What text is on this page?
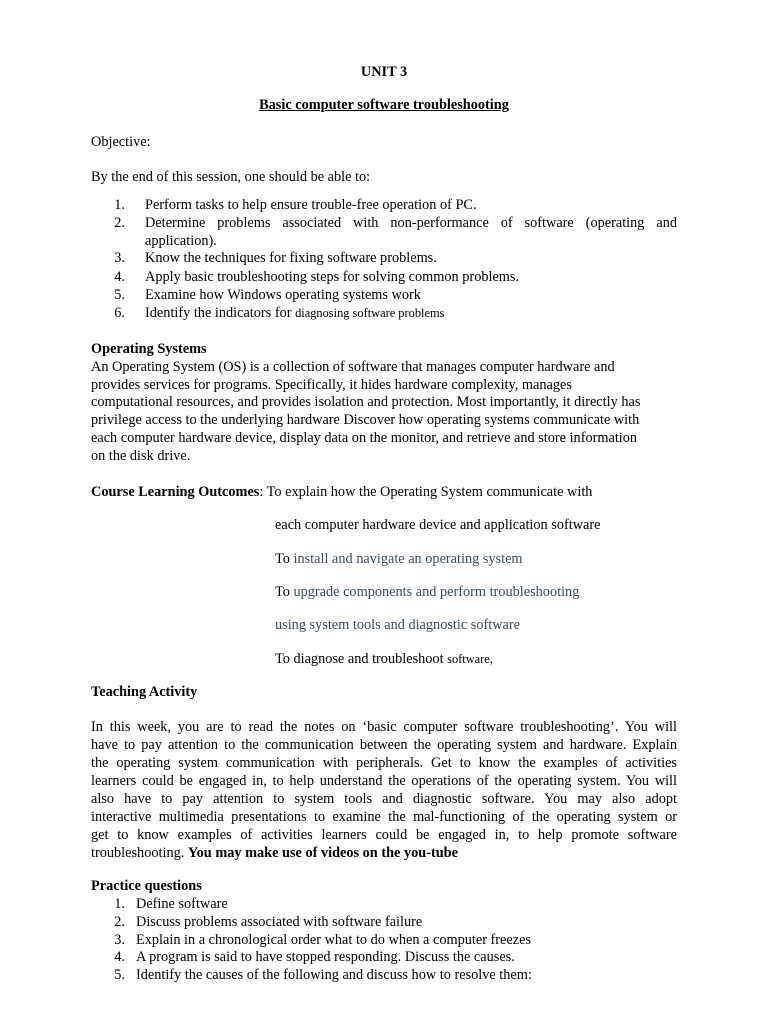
UNIT 3
Basic computer software troubleshooting
Objective:
By the end of this session, one should be able to:
1. Perform tasks to help ensure trouble-free operation of PC.
2. Determine problems associated with non-performance of software (operating and
application).
3. Know the techniques for fixing software problems.
4. Apply basic troubleshooting steps for solving common problems.
5. Examine how Windows operating systems work
6. Identify the indicators for diagnosing software problems
Operating Systems
An Operating System (OS) is a collection of software that manages computer hardware and
provides services for programs. Specifically, it hides hardware complexity, manages
computational resources, and provides isolation and protection. Most importantly, it directly has
privilege access to the underlying hardware Discover how operating systems communicate with
each computer hardware device, display data on the monitor, and retrieve and store information
on the disk drive.
Course Learning Outcomes: To explain how the Operating System communicate with
each computer hardware device and application software
To install and navigate an operating system
To upgrade components and perform troubleshooting
using system tools and diagnostic software
To diagnose and troubleshoot software,
Teaching Activity
In this week, you are to read the notes on ‘basic computer software troubleshooting’. You will
have to pay attention to the communication between the operating system and hardware. Explain
the operating system communication with peripherals. Get to know the examples of activities
learners could be engaged in, to help understand the operations of the operating system. You will
also have to pay attention to system tools and diagnostic software. You may also adopt
interactive multimedia presentations to examine the mal-functioning of the operating system or
get to know examples of activities learners could be engaged in, to help promote software
troubleshooting. You may make use of videos on the you-tube
Practice questions
1. Define software
2. Discuss problems associated with software failure
3. Explain in a chronological order what to do when a computer freezes
4. A program is said to have stopped responding. Discuss the causes.
5. Identify the causes of the following and discuss how to resolve them:
